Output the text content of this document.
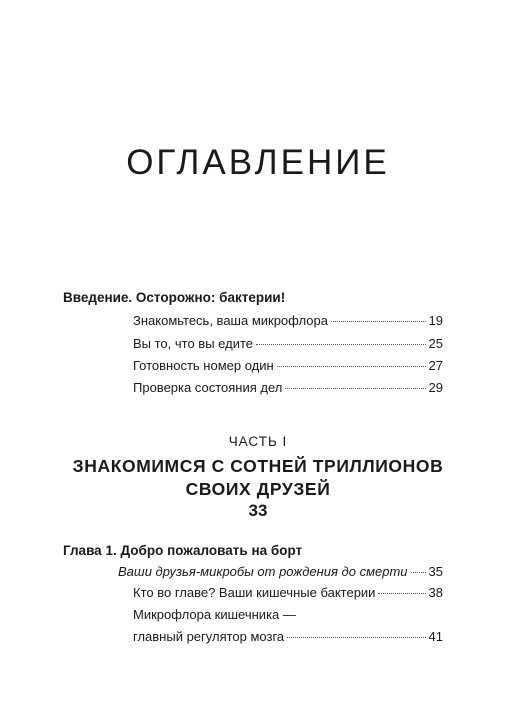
ОГЛАВЛЕНИЕ
Введение. Осторожно: бактерии!
Знакомьтесь, ваша микрофлора	19
Вы то, что вы едите	25
Готовность номер один	27
Проверка состояния дел	29
ЧАСТЬ I
ЗНАКОМИМСЯ С СОТНЕЙ ТРИЛЛИОНОВ
СВОИХ ДРУЗЕЙ
33
Глава 1. Добро пожаловать на борт
Ваши друзья-микробы от рождения до смерти 35
Кто во главе? Ваши кишечные бактерии	38
Микрофлора кишечника —
главный регулятор мозга	41
